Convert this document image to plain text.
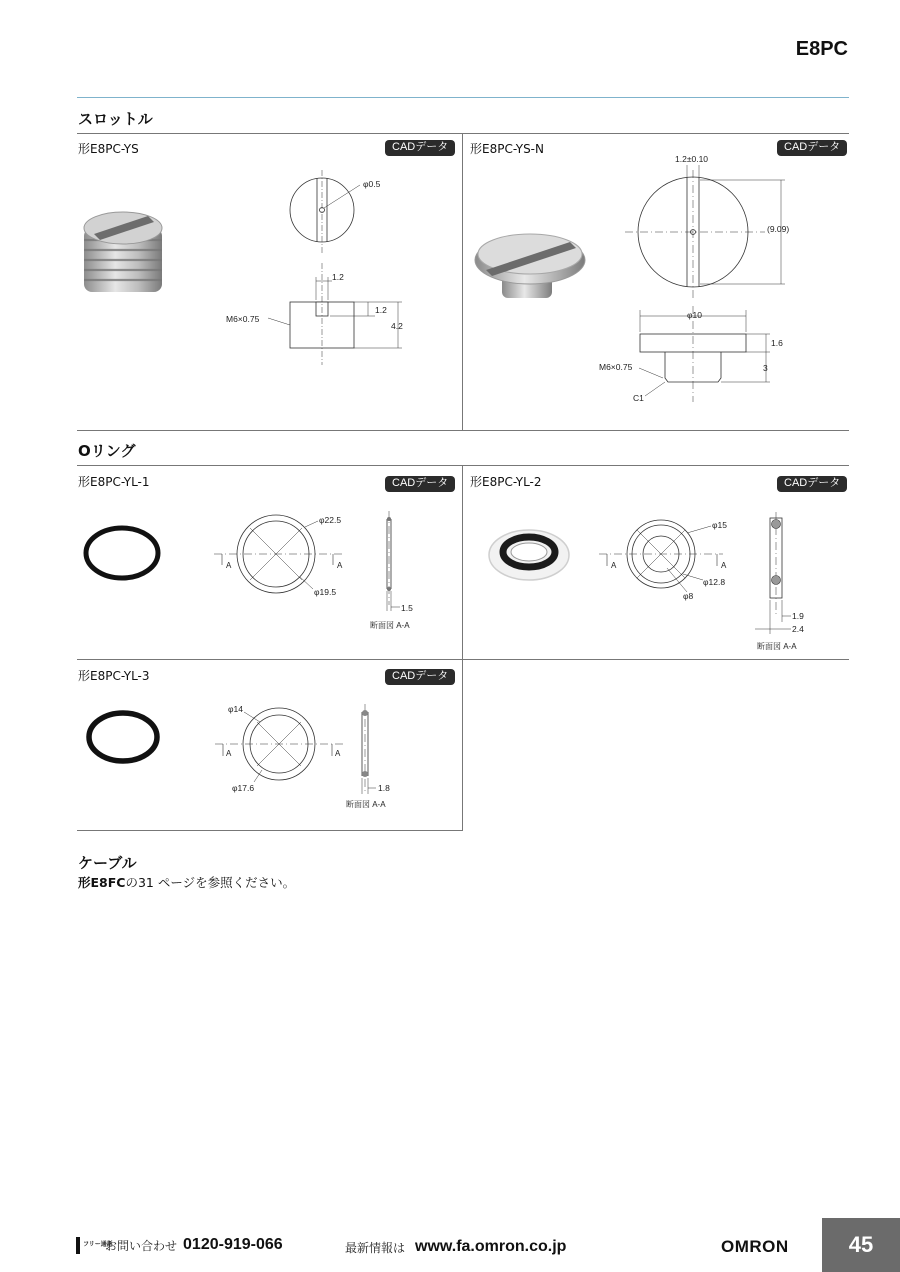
E8PC
スロットル
形E8PC-YS	CADデータ
φ0.5
1.2
1.2
4.2
M6×0.75
形E8PC-YS-N	CADデータ
1.2±0.10
(9.09)
φ10
1.6
3
M6×0.75
C1
Oリング
形E8PC-YL-1	CADデータ
φ22.5
φ19.5
A	A
1.5
断面図 A-A
形E8PC-YL-2	CADデータ
φ15
φ12.8
φ8
A	A
1.9
2.4
断面図 A-A
形E8PC-YL-3	CADデータ
φ14
φ17.6
A	A
1.8
断面図 A-A
ケーブル
形E8FCの31 ページを参照ください。
フリー通話
お問い合わせ 0120-919-066	最新情報は www.fa.omron.co.jp	OMRON	45
